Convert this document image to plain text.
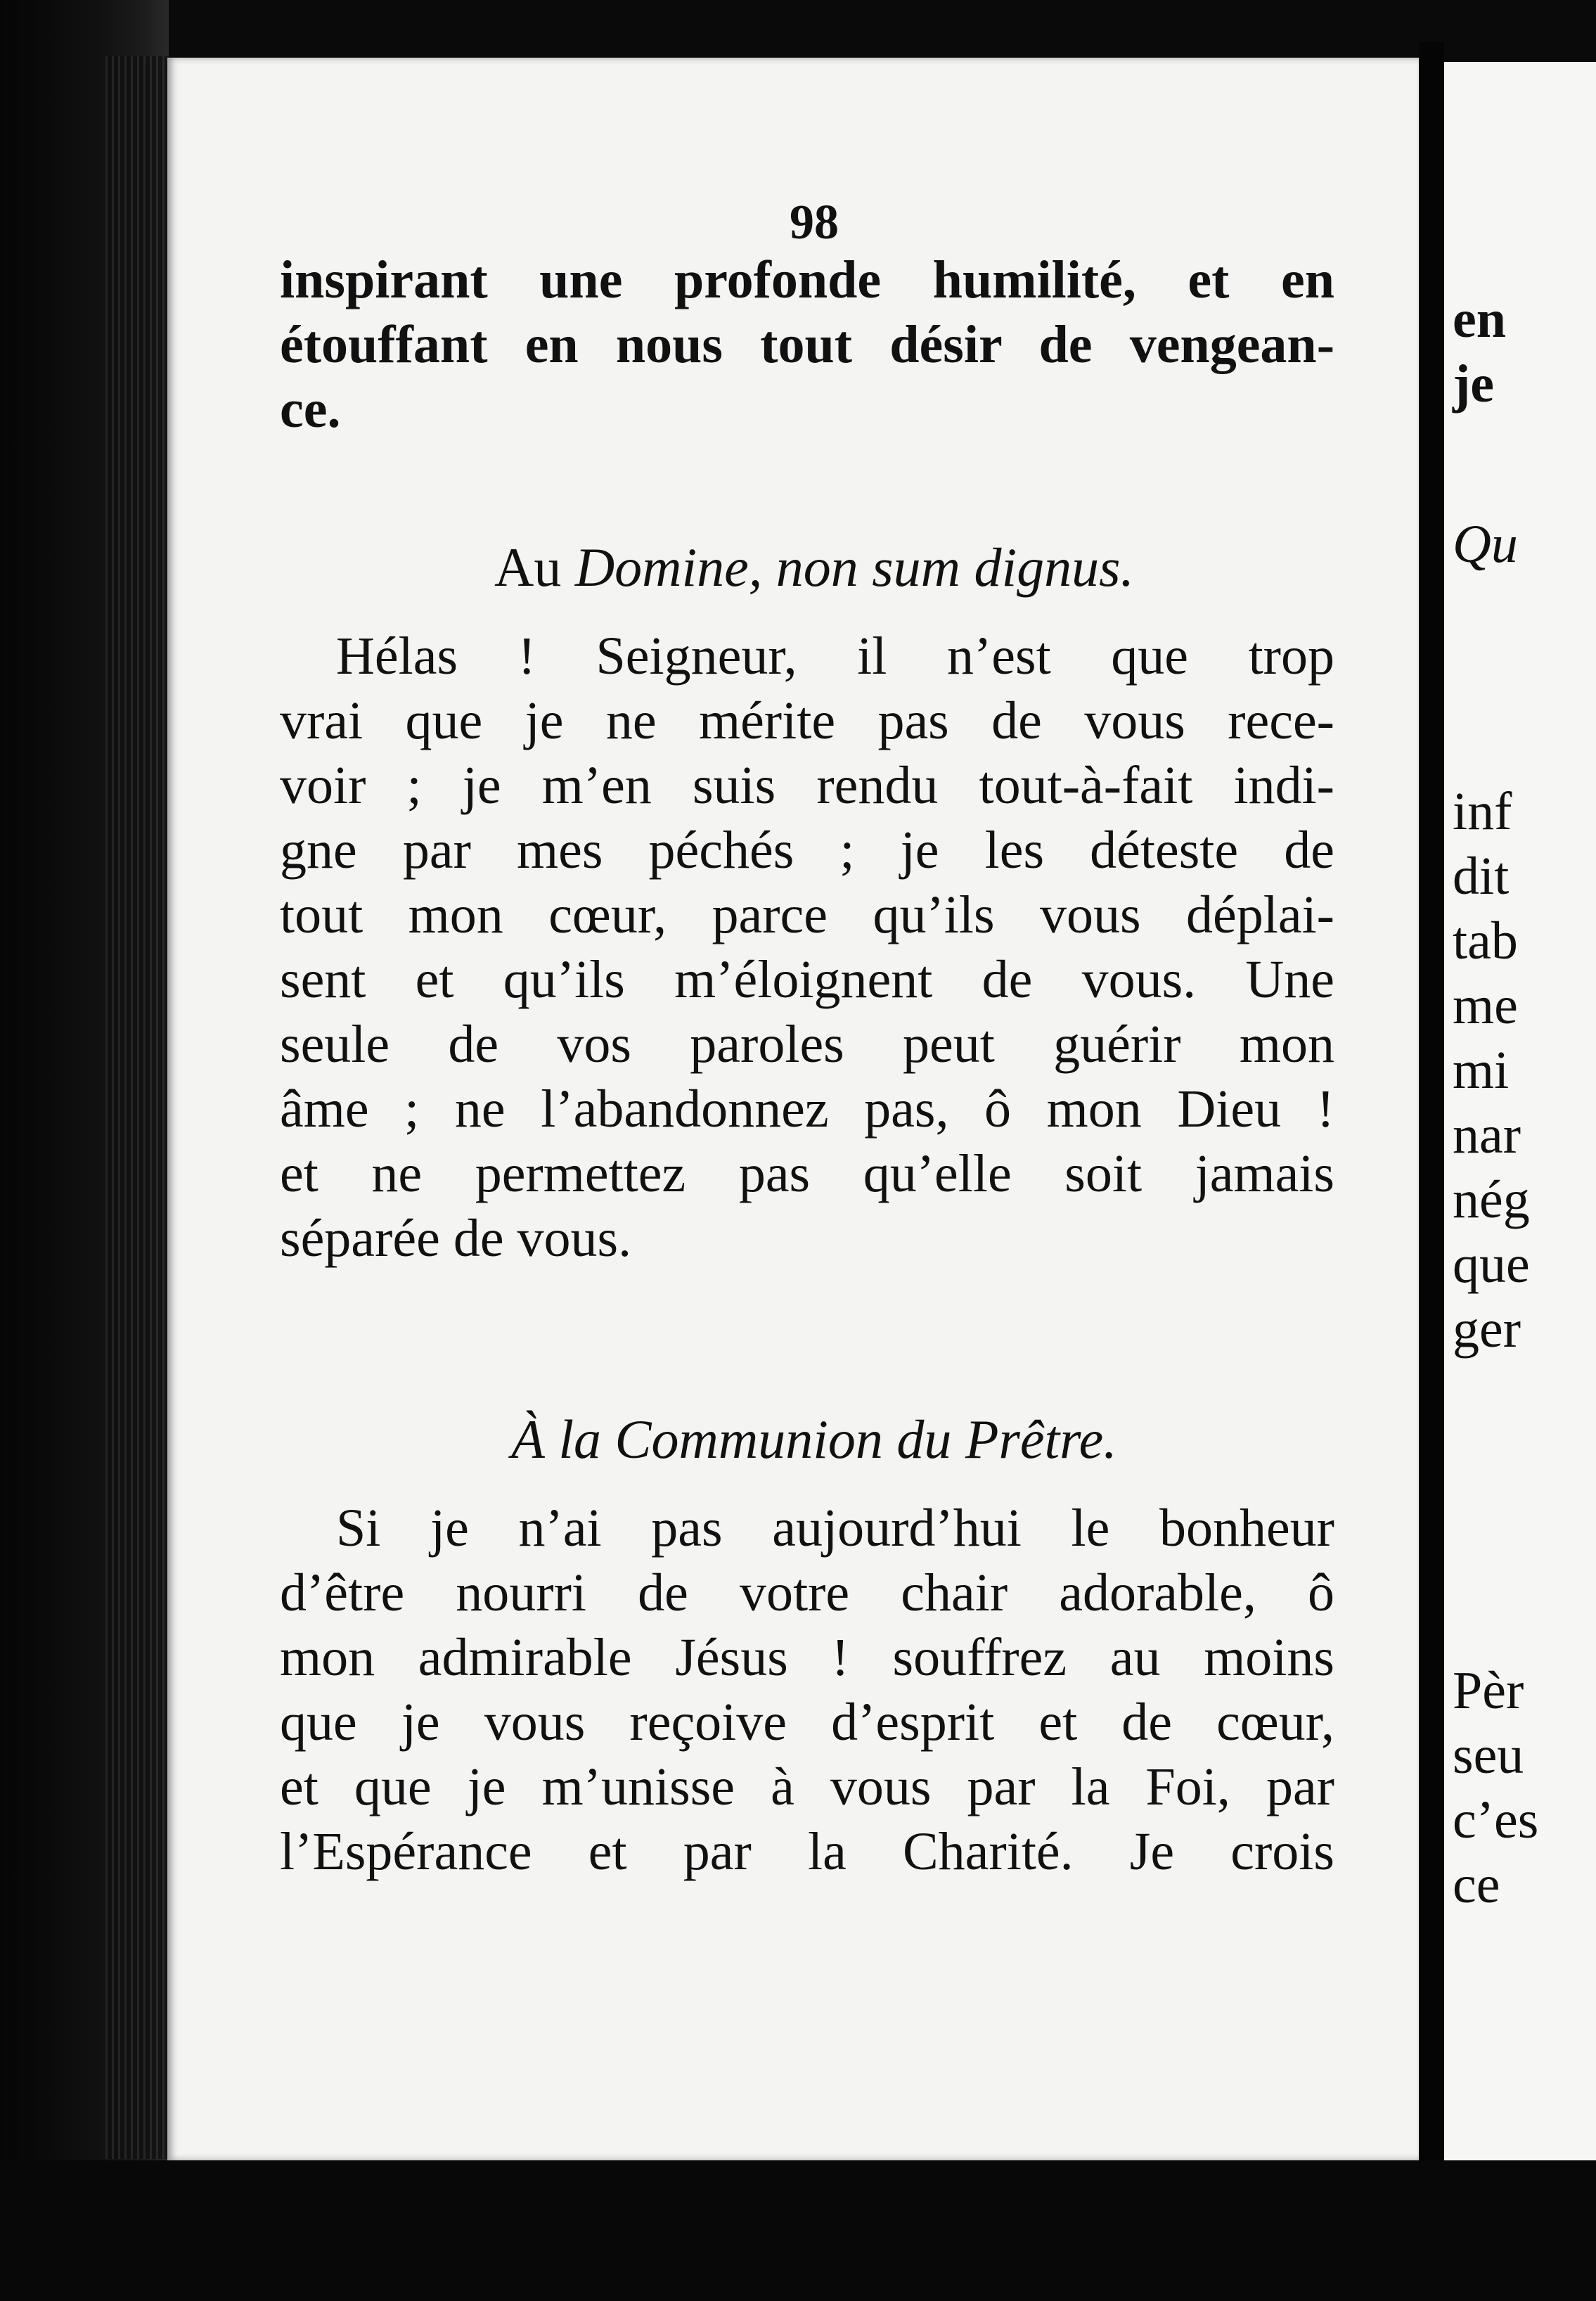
98
inspirant une profonde humilité, et en
étouffant en nous tout désir de vengean-
ce.
Au Domine, non sum dignus.
Hélas ! Seigneur, il n’est que trop
vrai que je ne mérite pas de vous rece-
voir ; je m’en suis rendu tout-à-fait indi-
gne par mes péchés ; je les déteste de
tout mon cœur, parce qu’ils vous déplai-
sent et qu’ils m’éloignent de vous. Une
seule de vos paroles peut guérir mon
âme ; ne l’abandonnez pas, ô mon Dieu !
et ne permettez pas qu’elle soit jamais
séparée de vous.
À la Communion du Prêtre.
Si je n’ai pas aujourd’hui le bonheur
d’être nourri de votre chair adorable, ô
mon admirable Jésus ! souffrez au moins
que je vous reçoive d’esprit et de cœur,
et que je m’unisse à vous par la Foi, par
l’Espérance et par la Charité. Je crois
en
je
Qu
inf
dit
tab
me
mi
nar
nég
que
ger
Pèr
seu
c’es
ce
